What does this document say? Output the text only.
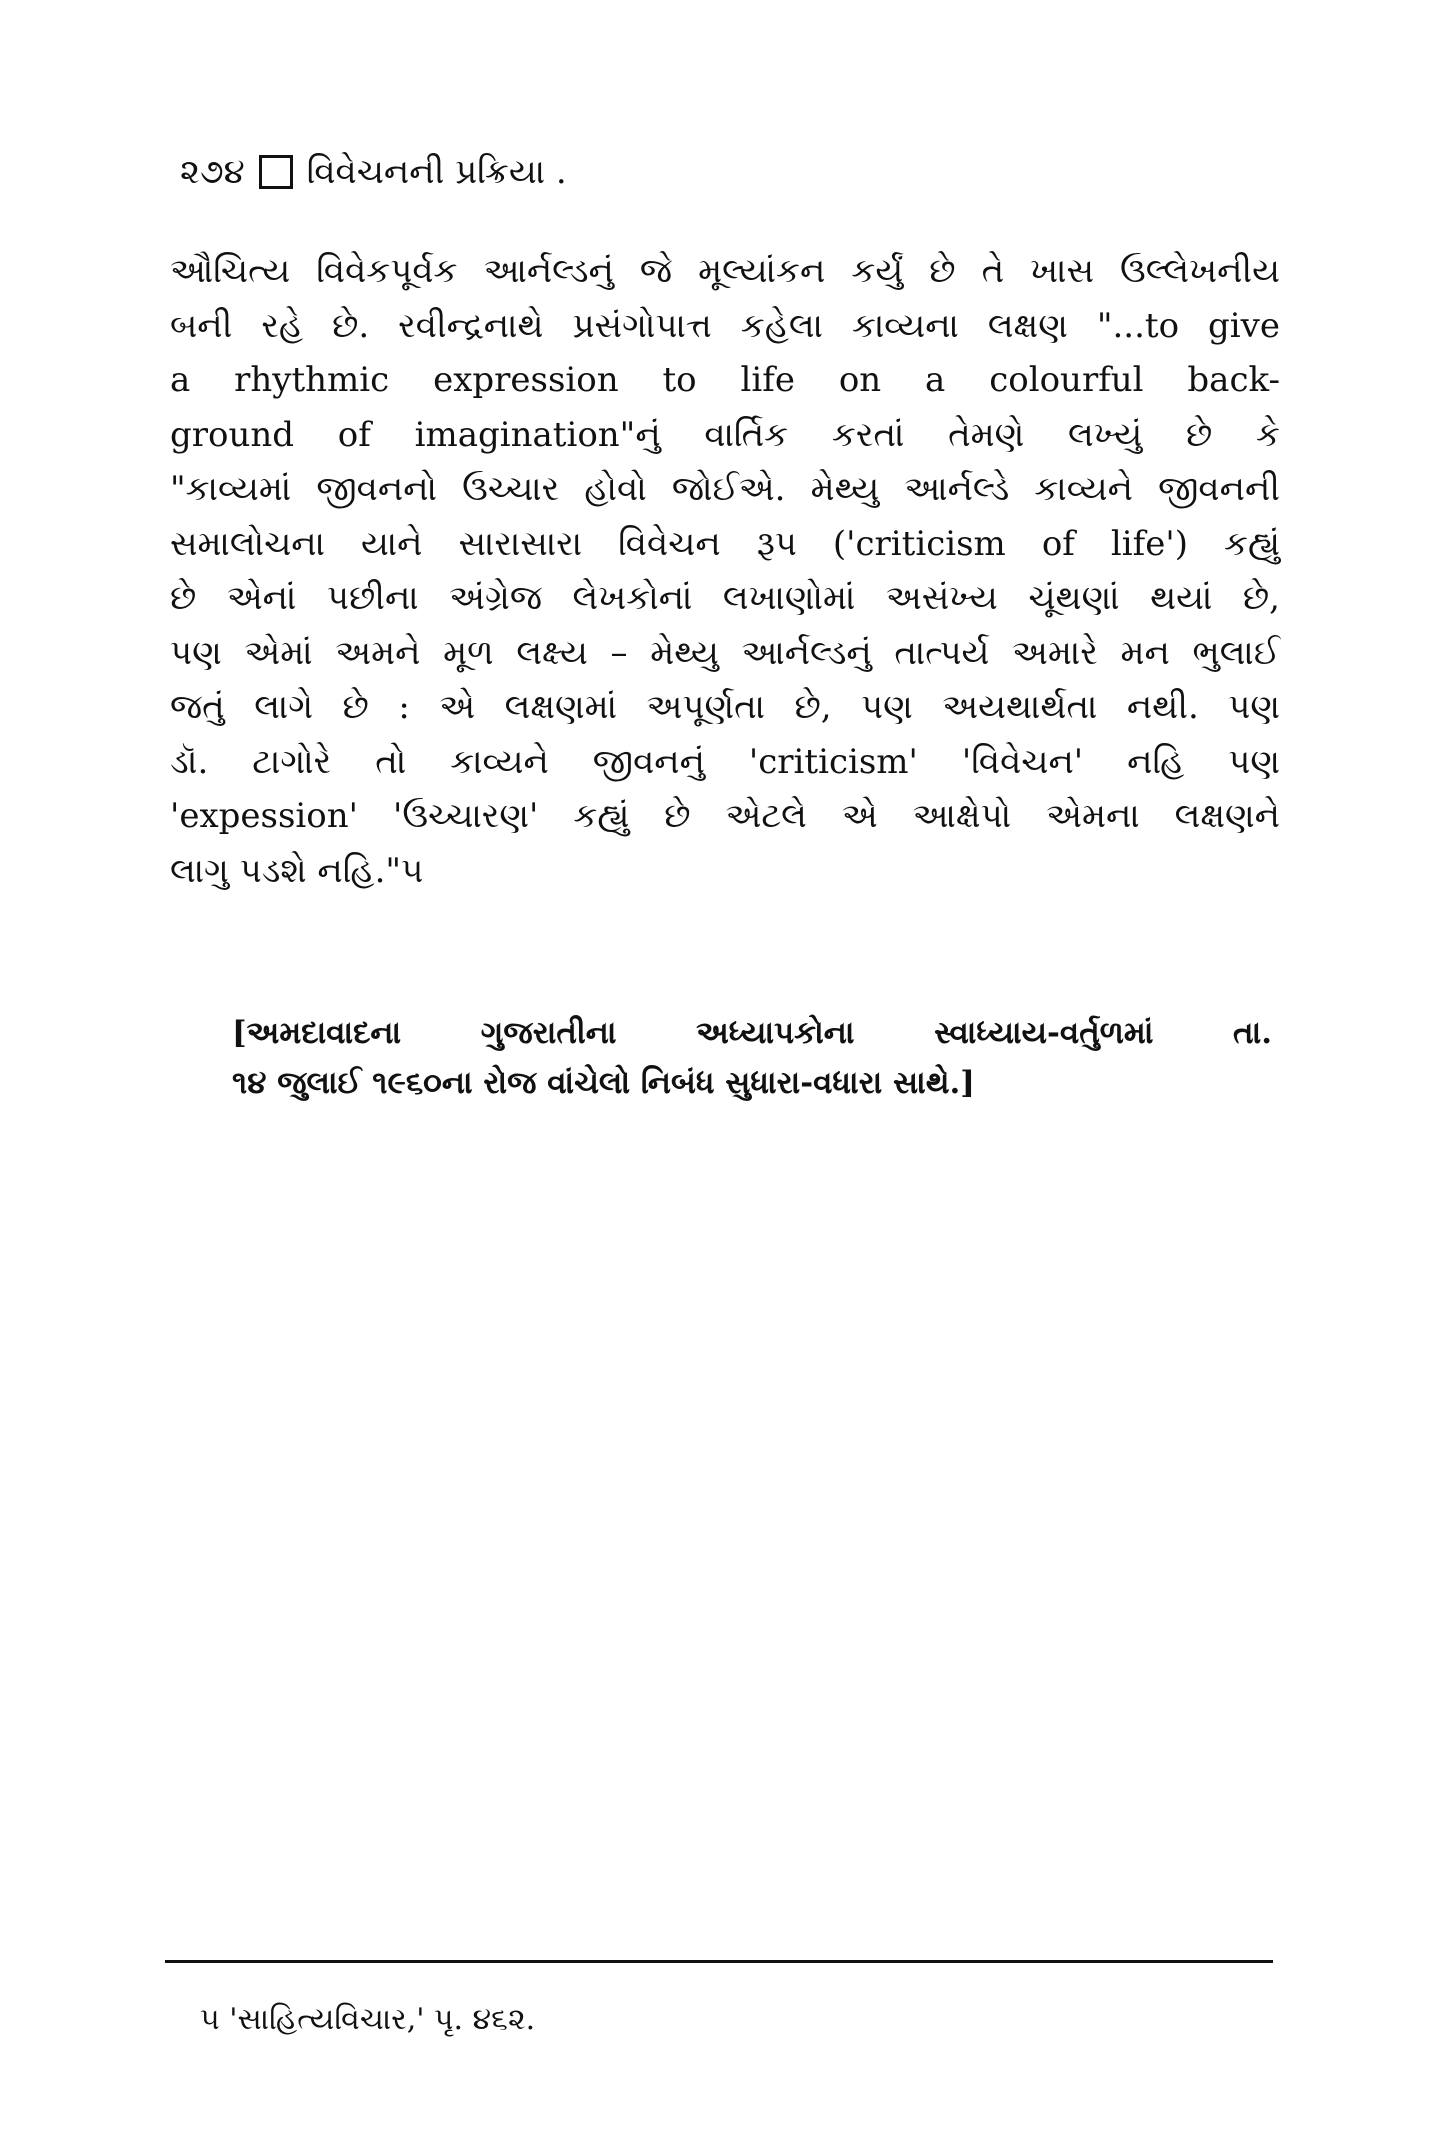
૨૭૪ વિવેચનની પ્રક્રિયા .
ઔચિત્ય વિવેકપૂર્વક આર્નલ્ડનું જે મૂલ્યાંકન કર્યું છે તે ખાસ ઉલ્લેખનીય
બની રહે છે. રવીન્દ્રનાથે પ્રસંગોપાત્ત કહેલા કાવ્યના લક્ષણ "...to give
a rhythmic expression to life on a colourful back-
ground of imagination"નું વાર્તિક કરતાં તેમણે લખ્યું છે કે
"કાવ્યમાં જીવનનો ઉચ્ચાર હોવો જોઈએ. મેથ્યુ આર્નલ્ડે કાવ્યને જીવનની
સમાલોચના યાને સારાસારા વિવેચન રૂપ ('criticism of life') કહ્યું
છે એનાં પછીના અંગ્રેજ લેખકોનાં લખાણોમાં અસંખ્ય ચૂંથણાં થયાં છે,
પણ એમાં અમને મૂળ લક્ષ્ય – મેથ્યુ આર્નલ્ડનું તાત્પર્ય અમારે મન ભુલાઈ
જતું લાગે છે : એ લક્ષણમાં અપૂર્ણતા છે, પણ અયથાર્થતા નથી. પણ
ડૉ. ટાગોરે તો કાવ્યને જીવનનું 'criticism' 'વિવેચન' નહિ પણ
'expession' 'ઉચ્ચારણ' કહ્યું છે એટલે એ આક્ષેપો એમના લક્ષણને
લાગુ પડશે નહિ."૫
[અમદાવાદના ગુજરાતીના અધ્યાપકોના સ્વાધ્યાય-વર્તુળમાં તા.
૧૪ જુલાઈ ૧૯૬૦ના રોજ વાંચેલો નિબંધ સુધારા-વધારા સાથે.]
૫ 'સાહિત્યવિચાર,' પૃ. ૪૬૨.
